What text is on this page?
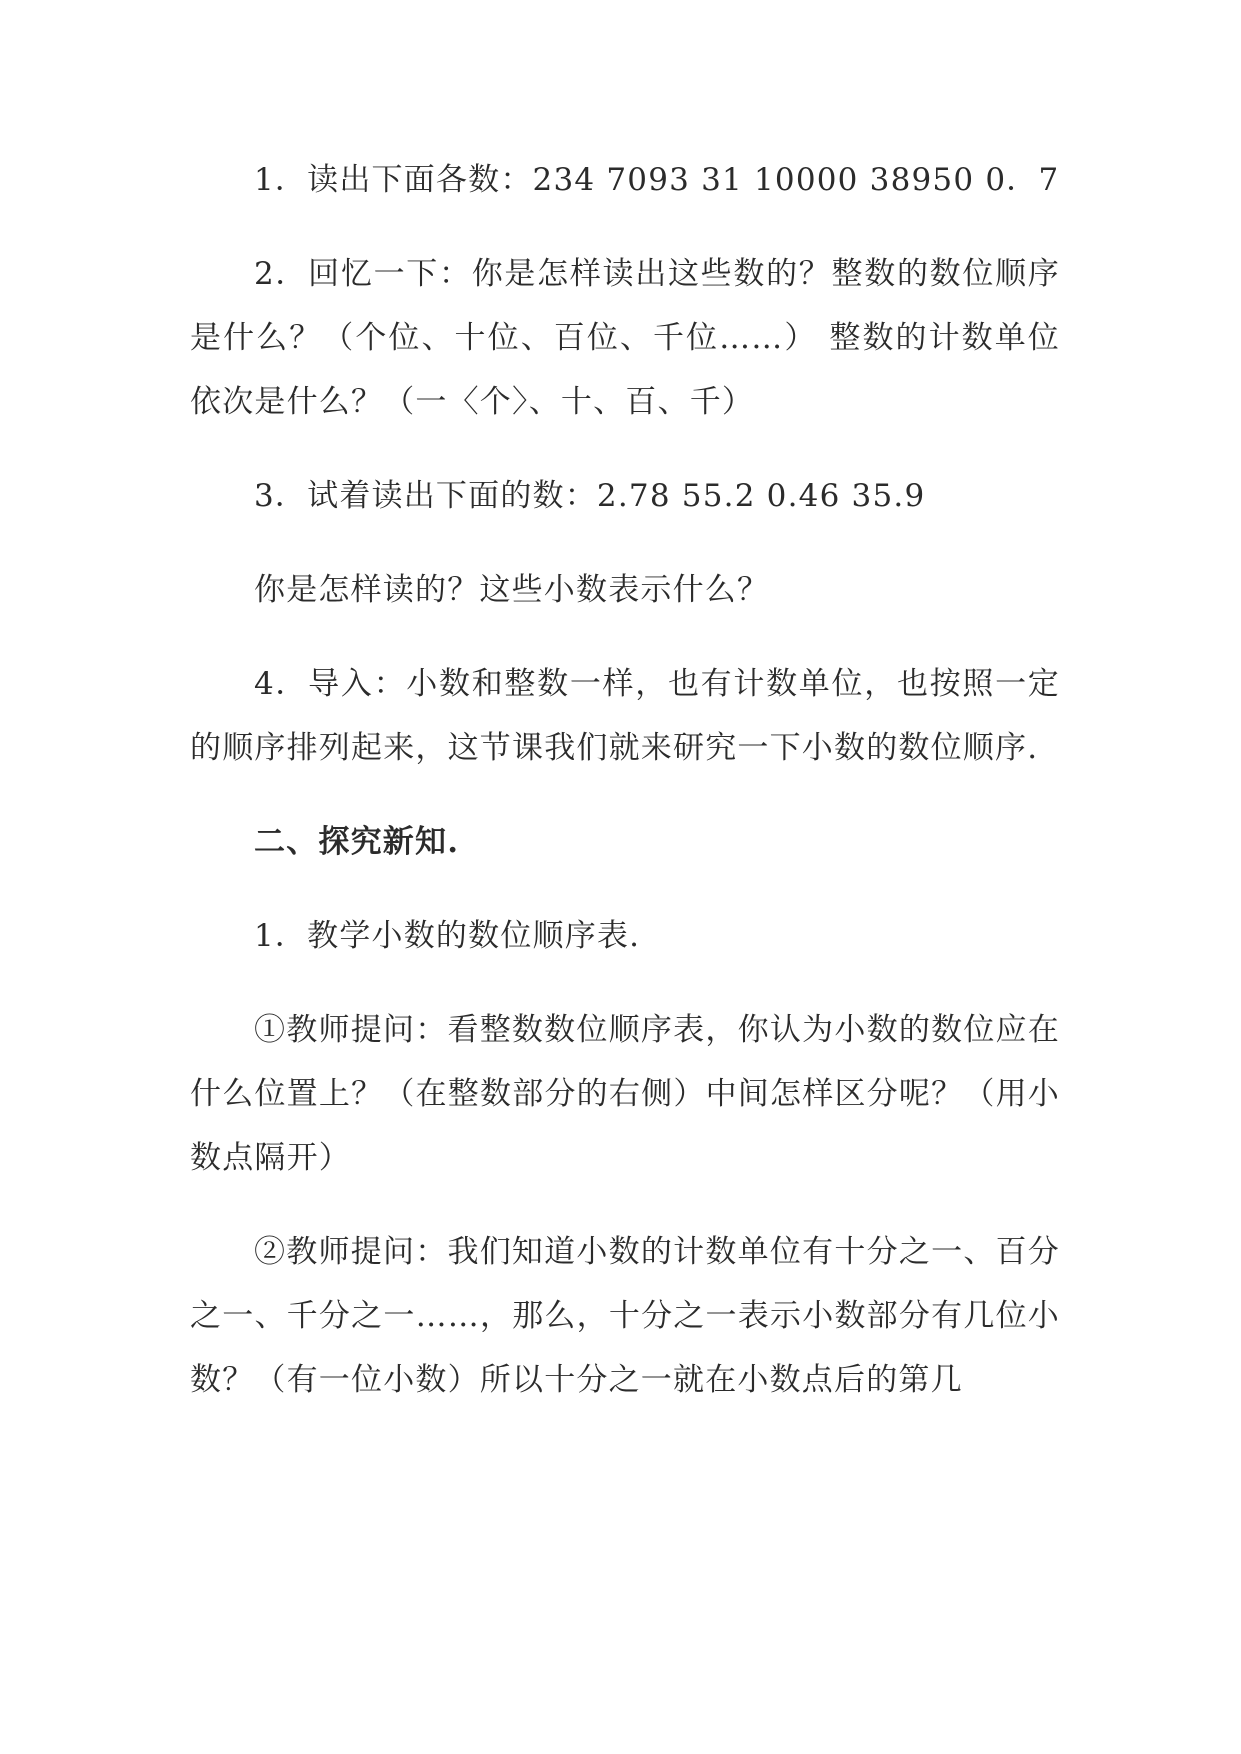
1．读出下面各数：234 7093 31 10000 38950 0．7

2．回忆一下：你是怎样读出这些数的？整数的数位顺序是什么？（个位、十位、百位、千位……） 整数的计数单位依次是什么？（一〈个〉、十、百、千）

3．试着读出下面的数：2.78 55.2 0.46 35.9

你是怎样读的？这些小数表示什么？

4．导入：小数和整数一样，也有计数单位，也按照一定的顺序排列起来，这节课我们就来研究一下小数的数位顺序.

二、探究新知.

1．教学小数的数位顺序表.

①教师提问：看整数数位顺序表，你认为小数的数位应在什么位置上？（在整数部分的右侧）中间怎样区分呢？（用小数点隔开）

②教师提问：我们知道小数的计数单位有十分之一、百分之一、千分之一……，那么，十分之一表示小数部分有几位小数？（有一位小数）所以十分之一就在小数点后的第几
